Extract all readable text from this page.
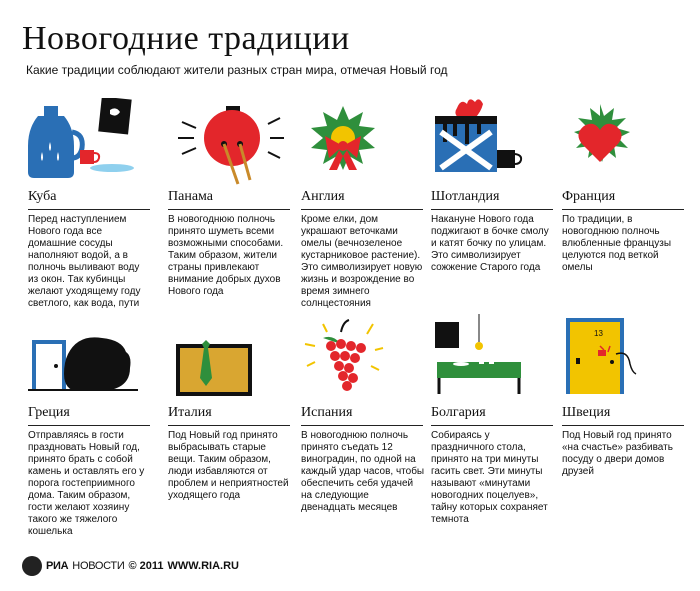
Новогодние традиции
Какие традиции соблюдают жители разных стран мира, отмечая Новый год
Куба
Перед наступлением Нового года все домашние сосуды наполняют водой, а в полночь выливают воду из окон. Так кубинцы желают уходящему году светлого, как вода, пути
Панама
В новогоднюю полночь принято шуметь всеми возможными способами. Таким образом, жители страны привлекают внимание добрых духов Нового года
Англия
Кроме елки, дом украшают веточками омелы (вечнозеленое кустарниковое растение). Это символизирует новую жизнь и возрождение во время зимнего солнцестояния
Шотландия
Накануне Нового года поджигают в бочке смолу и катят бочку по улицам. Это символизирует сожжение Старого года
Франция
По традиции, в новогоднюю полночь влюбленные французы целуются под веткой омелы
Греция
Отправляясь в гости праздновать Новый год, принято брать с собой камень и оставлять его у порога гостеприимного дома. Таким образом, гости желают хозяину такого же тяжелого кошелька
Италия
Под Новый год принято выбрасывать старые вещи. Таким образом, люди избавляются от проблем и неприятностей уходящего года
Испания
В новогоднюю полночь принято съедать 12 виноградин, по одной на каждый удар часов, чтобы обеспечить себя удачей на следующие двенадцать месяцев
Болгария
Собираясь у праздничного стола, принято на три минуты гасить свет. Эти минуты называют «минутами новогодних поцелуев», тайну которых сохраняет темнота
13
Швеция
Под Новый год принято «на счастье» разбивать посуду о двери домов друзей
РИА НОВОСТИ © 2011 WWW.RIA.RU
